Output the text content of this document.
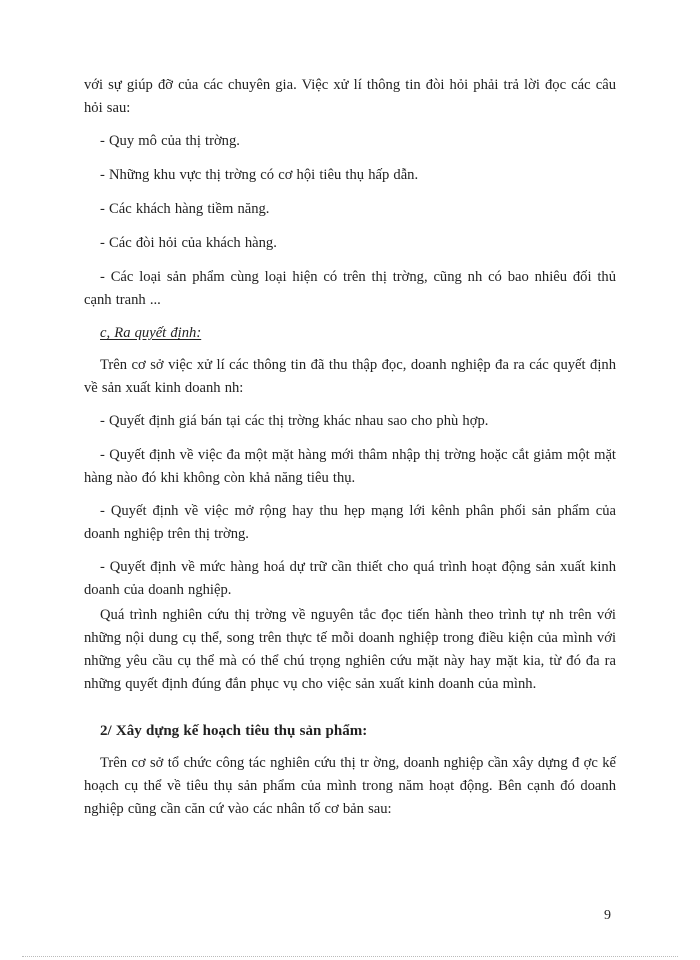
với sự giúp đỡ của các chuyên gia. Việc xử lí thông tin đòi hỏi phải trả lời đọc các câu hỏi sau:

- Quy mô của thị trờng.

- Những khu vực thị trờng có cơ hội tiêu thụ hấp dẫn.

- Các khách hàng tiềm năng.

- Các đòi hỏi của khách hàng.

- Các loại sản phẩm cùng loại hiện có trên thị trờng, cũng nh có bao nhiêu đối thủ cạnh tranh ...

c, Ra quyết định:

Trên cơ sở việc xử lí các thông tin đã thu thập đọc, doanh nghiệp đa ra các quyết định về sản xuất kinh doanh nh:

- Quyết định giá bán tại các thị trờng khác nhau sao cho phù hợp.

- Quyết định về việc đa một mặt hàng mới thâm nhập thị trờng hoặc cắt giảm một mặt hàng nào đó khi không còn khả năng tiêu thụ.

- Quyết định về việc mở rộng hay thu hẹp mạng lới kênh phân phối sản phẩm của doanh nghiệp trên thị trờng.

- Quyết định về mức hàng hoá dự trữ cần thiết cho quá trình hoạt động sản xuất kinh doanh của doanh nghiệp.

Quá trình nghiên cứu thị trờng về nguyên tắc đọc tiến hành theo trình tự nh trên với những nội dung cụ thể, song trên thực tế mỗi doanh nghiệp trong điều kiện của mình với những yêu cầu cụ thể mà có thể chú trọng nghiên cứu mặt này hay mặt kia, từ đó đa ra những quyết định đúng đắn phục vụ cho việc sản xuất kinh doanh của mình.

2/ Xây dựng kế hoạch tiêu thụ sản phẩm:

Trên cơ sở tổ chức công tác nghiên cứu thị tr ờng, doanh nghiệp cần xây dựng đ ợc kế hoạch cụ thể về tiêu thụ sản phẩm của mình trong năm hoạt động. Bên cạnh đó doanh nghiệp cũng cần căn cứ vào các nhân tố cơ bản sau:

9
